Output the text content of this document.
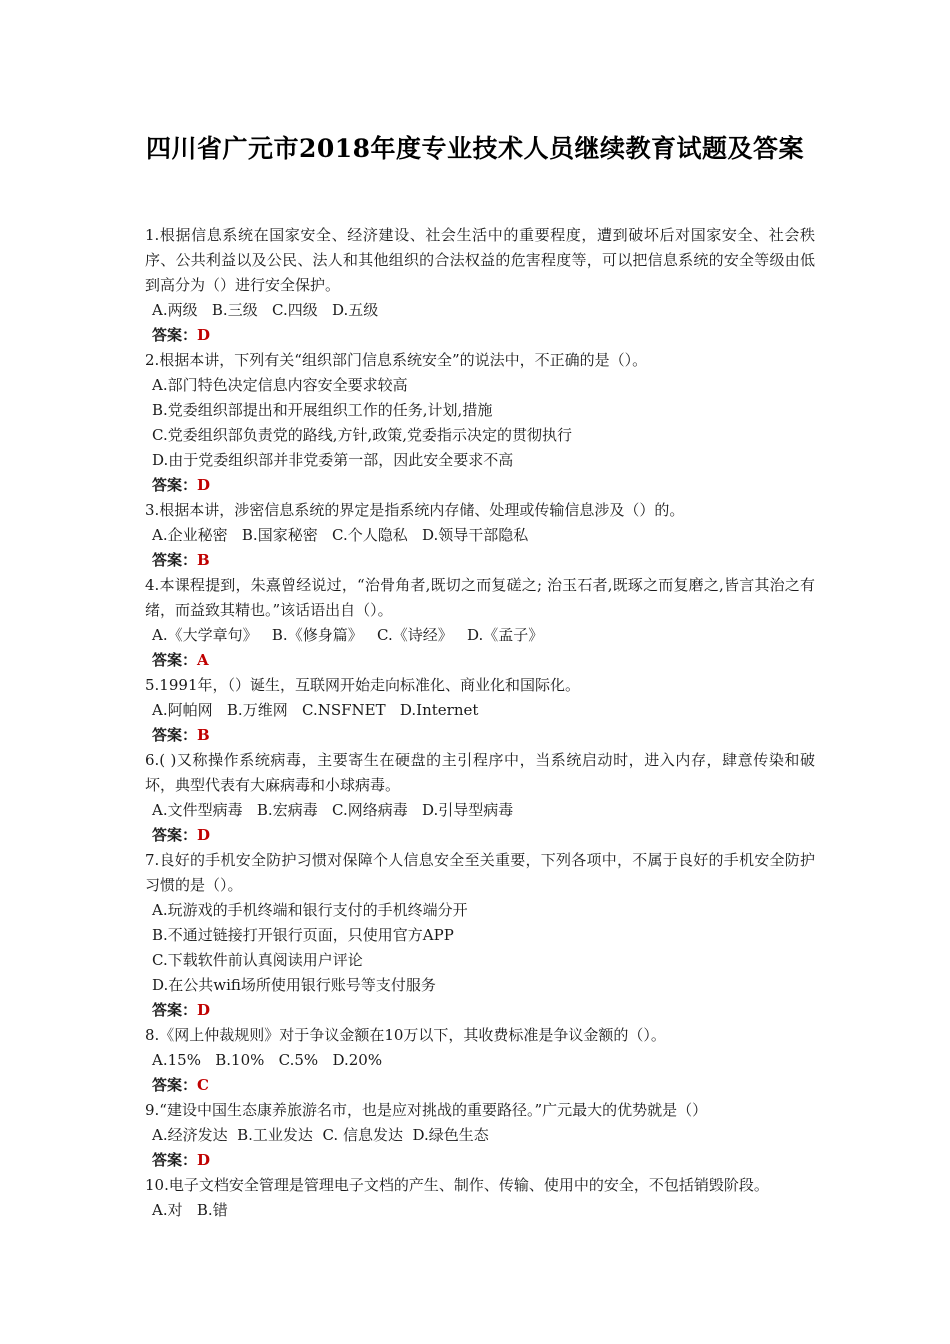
四川省广元市2018年度专业技术人员继续教育试题及答案

1.根据信息系统在国家安全、经济建设、社会生活中的重要程度，遭到破坏后对国家安全、社会秩序、公共利益以及公民、法人和其他组织的合法权益的危害程度等，可以把信息系统的安全等级由低到高分为（）进行安全保护。

A.两级   B.三级   C.四级   D.五级
答案：D

2.根据本讲，下列有关“组织部门信息系统安全”的说法中，不正确的是（）。

A.部门特色决定信息内容安全要求较高
B.党委组织部提出和开展组织工作的任务,计划,措施
C.党委组织部负责党的路线,方针,政策,党委指示决定的贯彻执行
D.由于党委组织部并非党委第一部，因此安全要求不高
答案：D

3.根据本讲，涉密信息系统的界定是指系统内存储、处理或传输信息涉及（）的。

A.企业秘密   B.国家秘密   C.个人隐私   D.领导干部隐私
答案：B

4.本课程提到，朱熹曾经说过，“治骨角者,既切之而复磋之; 治玉石者,既琢之而复磨之,皆言其治之有绪，而益致其精也。”该话语出自（）。

A.《大学章句》   B.《修身篇》   C.《诗经》   D.《孟子》
答案：A

5.1991年，（）诞生，互联网开始走向标准化、商业化和国际化。

A.阿帕网   B.万维网   C.NSFNET   D.Internet
答案：B

6.( )又称操作系统病毒，主要寄生在硬盘的主引程序中，当系统启动时，进入内存，肆意传染和破坏，典型代表有大麻病毒和小球病毒。

A.文件型病毒   B.宏病毒   C.网络病毒   D.引导型病毒
答案：D

7.良好的手机安全防护习惯对保障个人信息安全至关重要，下列各项中，不属于良好的手机安全防护习惯的是（）。

A.玩游戏的手机终端和银行支付的手机终端分开
B.不通过链接打开银行页面，只使用官方APP
C.下载软件前认真阅读用户评论
D.在公共wifi场所使用银行账号等支付服务
答案：D

8.《网上仲裁规则》对于争议金额在10万以下，其收费标准是争议金额的（）。

A.15%   B.10%   C.5%   D.20%
答案：C

9.“建设中国生态康养旅游名市，也是应对挑战的重要路径。”广元最大的优势就是（）

A.经济发达  B.工业发达  C. 信息发达  D.绿色生态
答案：D

10.电子文档安全管理是管理电子文档的产生、制作、传输、使用中的安全，不包括销毁阶段。

A.对   B.错
